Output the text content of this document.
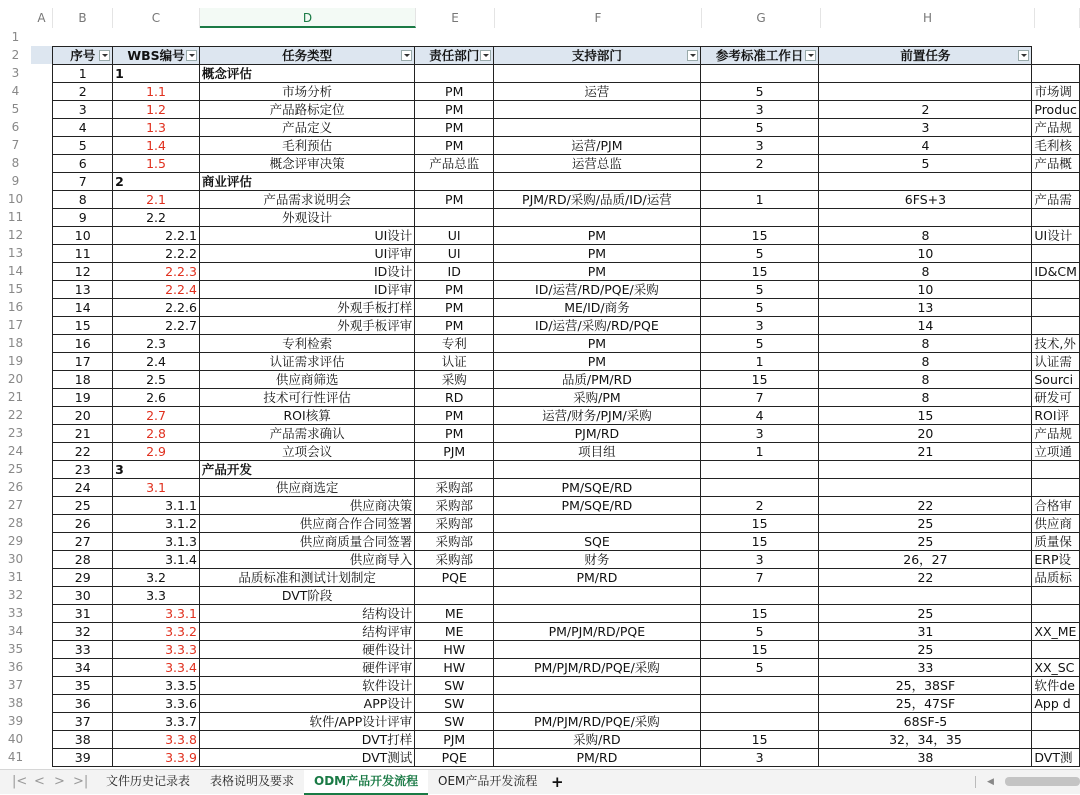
A	B	C	D	E	F	G	H
1
2
3
4
5
6
7
8
9
10
11
12
13
14
15
16
17
18
19
20
21
22
23
24
25
26
27
28
29
30
31
32
33
34
35
36
37
38
39
40
41

	序号	WBS编号	任务类型	责任部门	支持部门	参考标准工作日	前置任务

	1	1	概念评估					
	2	1.1	市场分析	PM	运营	5		市场调
	3	1.2	产品路标定位	PM		3	2	Produc
	4	1.3	产品定义	PM		5	3	产品规
	5	1.4	毛利预估	PM	运营/PJM	3	4	毛利核
	6	1.5	概念评审决策	产品总监	运营总监	2	5	产品概
	7	2	商业评估					
	8	2.1	产品需求说明会	PM	PJM/RD/采购/品质/ID/运营	1	6FS+3	产品需
	9	2.2	外观设计					
	10	2.2.1	UI设计	UI	PM	15	8	UI设计
	11	2.2.2	UI评审	UI	PM	5	10	
	12	2.2.3	ID设计	ID	PM	15	8	ID&CM
	13	2.2.4	ID评审	PM	ID/运营/RD/PQE/采购	5	10	
	14	2.2.6	外观手板打样	PM	ME/ID/商务	5	13	
	15	2.2.7	外观手板评审	PM	ID/运营/采购/RD/PQE	3	14	
	16	2.3	专利检索	专利	PM	5	8	技术,外
	17	2.4	认证需求评估	认证	PM	1	8	认证需
	18	2.5	供应商筛选	采购	品质/PM/RD	15	8	Sourci
	19	2.6	技术可行性评估	RD	采购/PM	7	8	研发可
	20	2.7	ROI核算	PM	运营/财务/PJM/采购	4	15	ROI评
	21	2.8	产品需求确认	PM	PJM/RD	3	20	产品规
	22	2.9	立项会议	PJM	项目组	1	21	立项通
	23	3	产品开发					
	24	3.1	供应商选定	采购部	PM/SQE/RD			
	25	3.1.1	供应商决策	采购部	PM/SQE/RD	2	22	合格审
	26	3.1.2	供应商合作合同签署	采购部		15	25	供应商
	27	3.1.3	供应商质量合同签署	采购部	SQE	15	25	质量保
	28	3.1.4	供应商导入	采购部	财务	3	26，27	ERP设
	29	3.2	品质标准和测试计划制定	PQE	PM/RD	7	22	品质标
	30	3.3	DVT阶段					
	31	3.3.1	结构设计	ME		15	25	
	32	3.3.2	结构评审	ME	PM/PJM/RD/PQE	5	31	XX_ME
	33	3.3.3	硬件设计	HW		15	25	
	34	3.3.4	硬件评审	HW	PM/PJM/RD/PQE/采购	5	33	XX_SC
	35	3.3.5	软件设计	SW			25，38SF	软件de
	36	3.3.6	APP设计	SW			25，47SF	App d
	37	3.3.7	软件/APP设计评审	SW	PM/PJM/RD/PQE/采购		68SF-5	
	38	3.3.8	DVT打样	PJM	采购/RD	15	32，34，35	
	39	3.3.9	DVT测试	PQE	PM/RD	3	38	DVT测
|< < > >|	文件历史记录表	表格说明及要求	ODM产品开发流程	OEM产品开发流程 +	◀
